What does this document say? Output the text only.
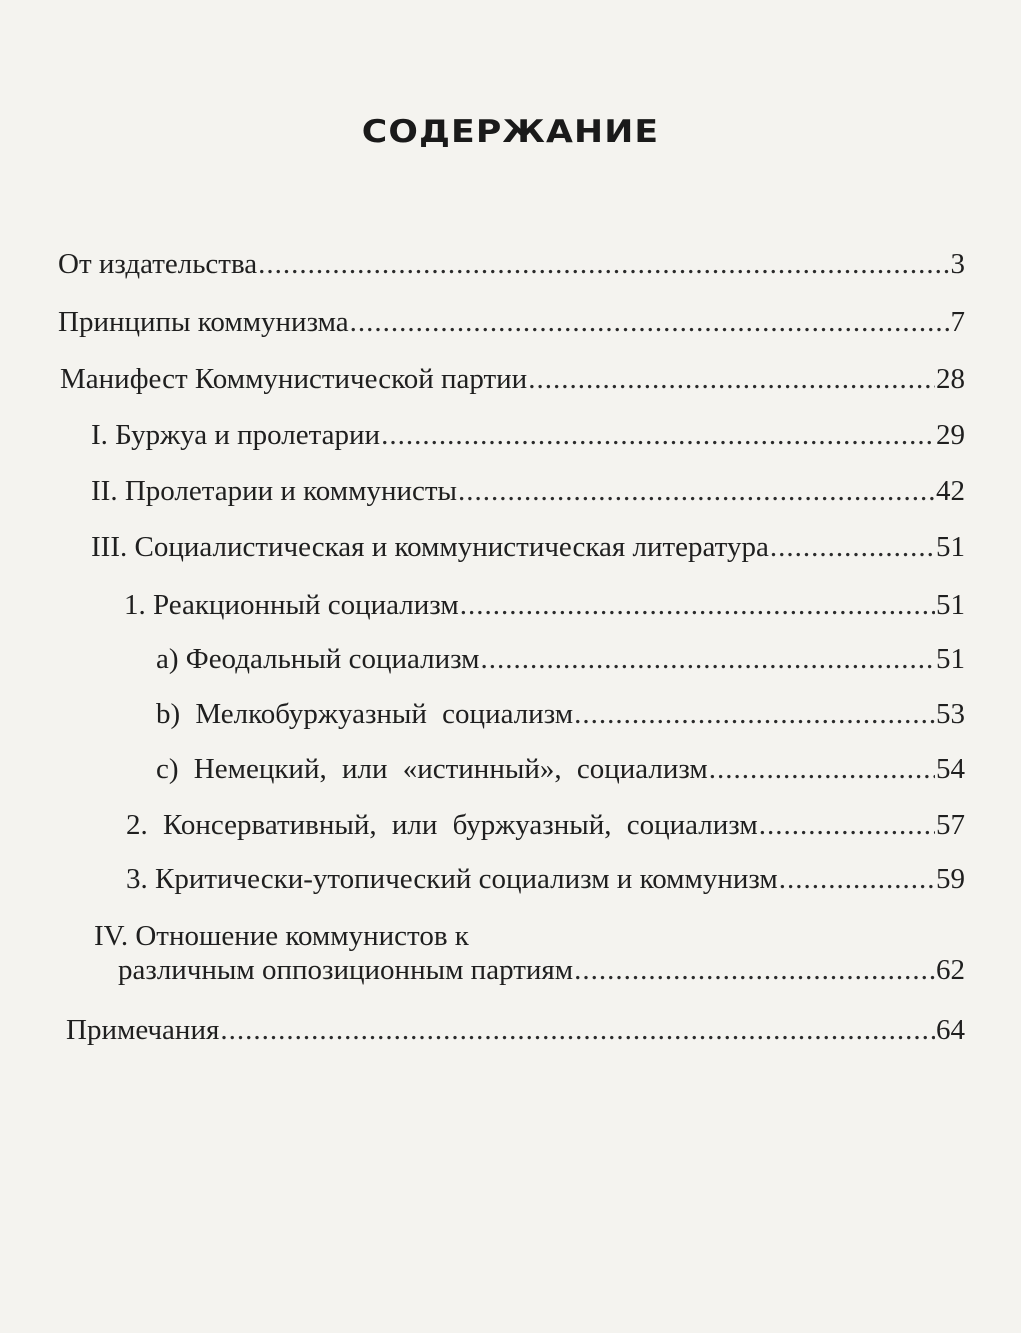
СОДЕРЖАНИЕ
От издательства .....	3
Принципы коммунизма .....	7
Манифест Коммунистической партии .....	28
I. Буржуа и пролетарии .....	29
II. Пролетарии и коммунисты .....	42
III. Социалистическая и коммунистическая литература .....	51
1. Реакционный социализм .....	51
a) Феодальный социализм .....	51
b) Мелкобуржуазный социализм .....	53
с) Немецкий, или «истинный», социализм .....	54
2. Консервативный, или буржуазный, социализм .....	57
3. Критически-утопический социализм и коммунизм .....	59
IV. Отношение коммунистов к
различным оппозиционным партиям .....	62
Примечания .....	64
